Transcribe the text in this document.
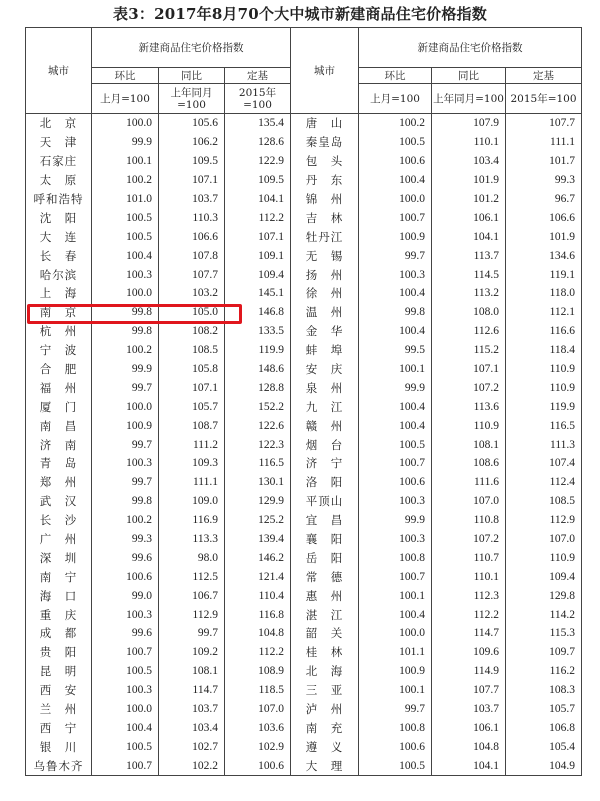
表3：2017年8月70个大中城市新建商品住宅价格指数
城市	新建商品住宅价格指数			城市	新建商品住宅价格指数		
	环比	同比	定基		环比	同比	定基
	上月=100	上年同月=100	2015年=100		上月=100	上年同月=100	2015年=100
北　京	100.0	105.6	135.4	唐　山	100.2	107.9	107.7
天　津	99.9	106.2	128.6	秦皇岛	100.5	110.1	111.1
石家庄	100.1	109.5	122.9	包　头	100.6	103.4	101.7
太　原	100.2	107.1	109.5	丹　东	100.4	101.9	99.3
呼和浩特	101.0	103.7	104.1	锦　州	100.0	101.2	96.7
沈　阳	100.5	110.3	112.2	吉　林	100.7	106.1	106.6
大　连	100.5	106.6	107.1	牡丹江	100.9	104.1	101.9
长　春	100.4	107.8	109.1	无　锡	99.7	113.7	134.6
哈尔滨	100.3	107.7	109.4	扬　州	100.3	114.5	119.1
上　海	100.0	103.2	145.1	徐　州	100.4	113.2	118.0
南　京	99.8	105.0	146.8	温　州	99.8	108.0	112.1
杭　州	99.8	108.2	133.5	金　华	100.4	112.6	116.6
宁　波	100.2	108.5	119.9	蚌　埠	99.5	115.2	118.4
合　肥	99.9	105.8	148.6	安　庆	100.1	107.1	110.9
福　州	99.7	107.1	128.8	泉　州	99.9	107.2	110.9
厦　门	100.0	105.7	152.2	九　江	100.4	113.6	119.9
南　昌	100.9	108.7	122.6	赣　州	100.4	110.9	116.5
济　南	99.7	111.2	122.3	烟　台	100.5	108.1	111.3
青　岛	100.3	109.3	116.5	济　宁	100.7	108.6	107.4
郑　州	99.7	111.1	130.1	洛　阳	100.6	111.6	112.4
武　汉	99.8	109.0	129.9	平顶山	100.3	107.0	108.5
长　沙	100.2	116.9	125.2	宜　昌	99.9	110.8	112.9
广　州	99.3	113.3	139.4	襄　阳	100.3	107.2	107.0
深　圳	99.6	98.0	146.2	岳　阳	100.8	110.7	110.9
南　宁	100.6	112.5	121.4	常　德	100.7	110.1	109.4
海　口	99.0	106.7	110.4	惠　州	100.1	112.3	129.8
重　庆	100.3	112.9	116.8	湛　江	100.4	112.2	114.2
成　都	99.6	99.7	104.8	韶　关	100.0	114.7	115.3
贵　阳	100.7	109.2	112.2	桂　林	101.1	109.6	109.7
昆　明	100.5	108.1	108.9	北　海	100.9	114.9	116.2
西　安	100.3	114.7	118.5	三　亚	100.1	107.7	108.3
兰　州	100.0	103.7	107.0	泸　州	99.7	103.7	105.7
西　宁	100.4	103.4	103.6	南　充	100.8	106.1	106.8
银　川	100.5	102.7	102.9	遵　义	100.6	104.8	105.4
乌鲁木齐	100.7	102.2	100.6	大　理	100.5	104.1	104.9
